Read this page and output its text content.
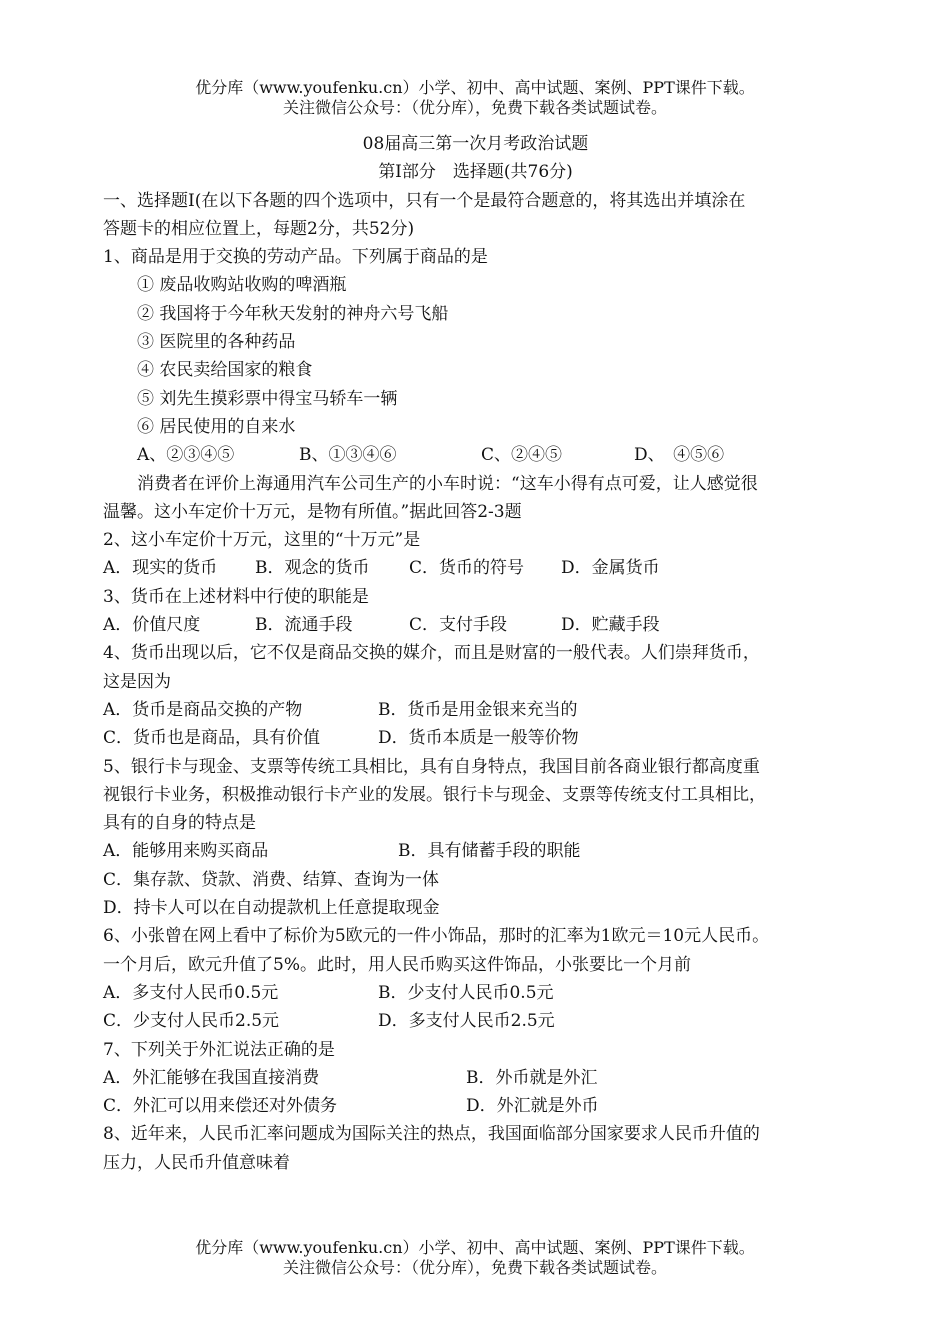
优分库（www.youfenku.cn）小学、初中、高中试题、案例、PPT课件下载。
关注微信公众号：（优分库），免费下载各类试题试卷。
08届高三第一次月考政治试题
第Ⅰ部分　选择题(共76分)
一、选择题Ⅰ(在以下各题的四个选项中，只有一个是最符合题意的，将其选出并填涂在
答题卡的相应位置上，每题2分，共52分)
1、商品是用于交换的劳动产品。下列属于商品的是
① 废品收购站收购的啤酒瓶
② 我国将于今年秋天发射的神舟六号飞船
③ 医院里的各种药品
④ 农民卖给国家的粮食
⑤ 刘先生摸彩票中得宝马轿车一辆
⑥ 居民使用的自来水
A、②③④⑤	B、①③④⑥	C、②④⑤	D、　④⑤⑥
消费者在评价上海通用汽车公司生产的小车时说：“这车小得有点可爱，让人感觉很
温馨。这小车定价十万元，是物有所值。”据此回答2-3题
2、这小车定价十万元，这里的“十万元”是
A．现实的货币 B．观念的货币 C．货币的符号 D．金属货币
3、货币在上述材料中行使的职能是
A．价值尺度	B．流通手段	C．支付手段	D．贮藏手段
4、货币出现以后，它不仅是商品交换的媒介，而且是财富的一般代表。人们崇拜货币，
这是因为
A．货币是商品交换的产物	B．货币是用金银来充当的
C．货币也是商品，具有价值	D．货币本质是一般等价物
5、银行卡与现金、支票等传统工具相比，具有自身特点，我国目前各商业银行都高度重
视银行卡业务，积极推动银行卡产业的发展。银行卡与现金、支票等传统支付工具相比，
具有的自身的特点是
A．能够用来购买商品	B．具有储蓄手段的职能
C．集存款、贷款、消费、结算、查询为一体
D．持卡人可以在自动提款机上任意提取现金
6、小张曾在网上看中了标价为5欧元的一件小饰品，那时的汇率为1欧元＝10元人民币。
一个月后，欧元升值了5%。此时，用人民币购买这件饰品，小张要比一个月前
A．多支付人民币0.5元	B．少支付人民币0.5元
C．少支付人民币2.5元	D．多支付人民币2.5元
7、下列关于外汇说法正确的是
A．外汇能够在我国直接消费	B．外币就是外汇
C．外汇可以用来偿还对外债务	D．外汇就是外币
8、近年来，人民币汇率问题成为国际关注的热点，我国面临部分国家要求人民币升值的
压力，人民币升值意味着
优分库（www.youfenku.cn）小学、初中、高中试题、案例、PPT课件下载。
关注微信公众号：（优分库），免费下载各类试题试卷。
